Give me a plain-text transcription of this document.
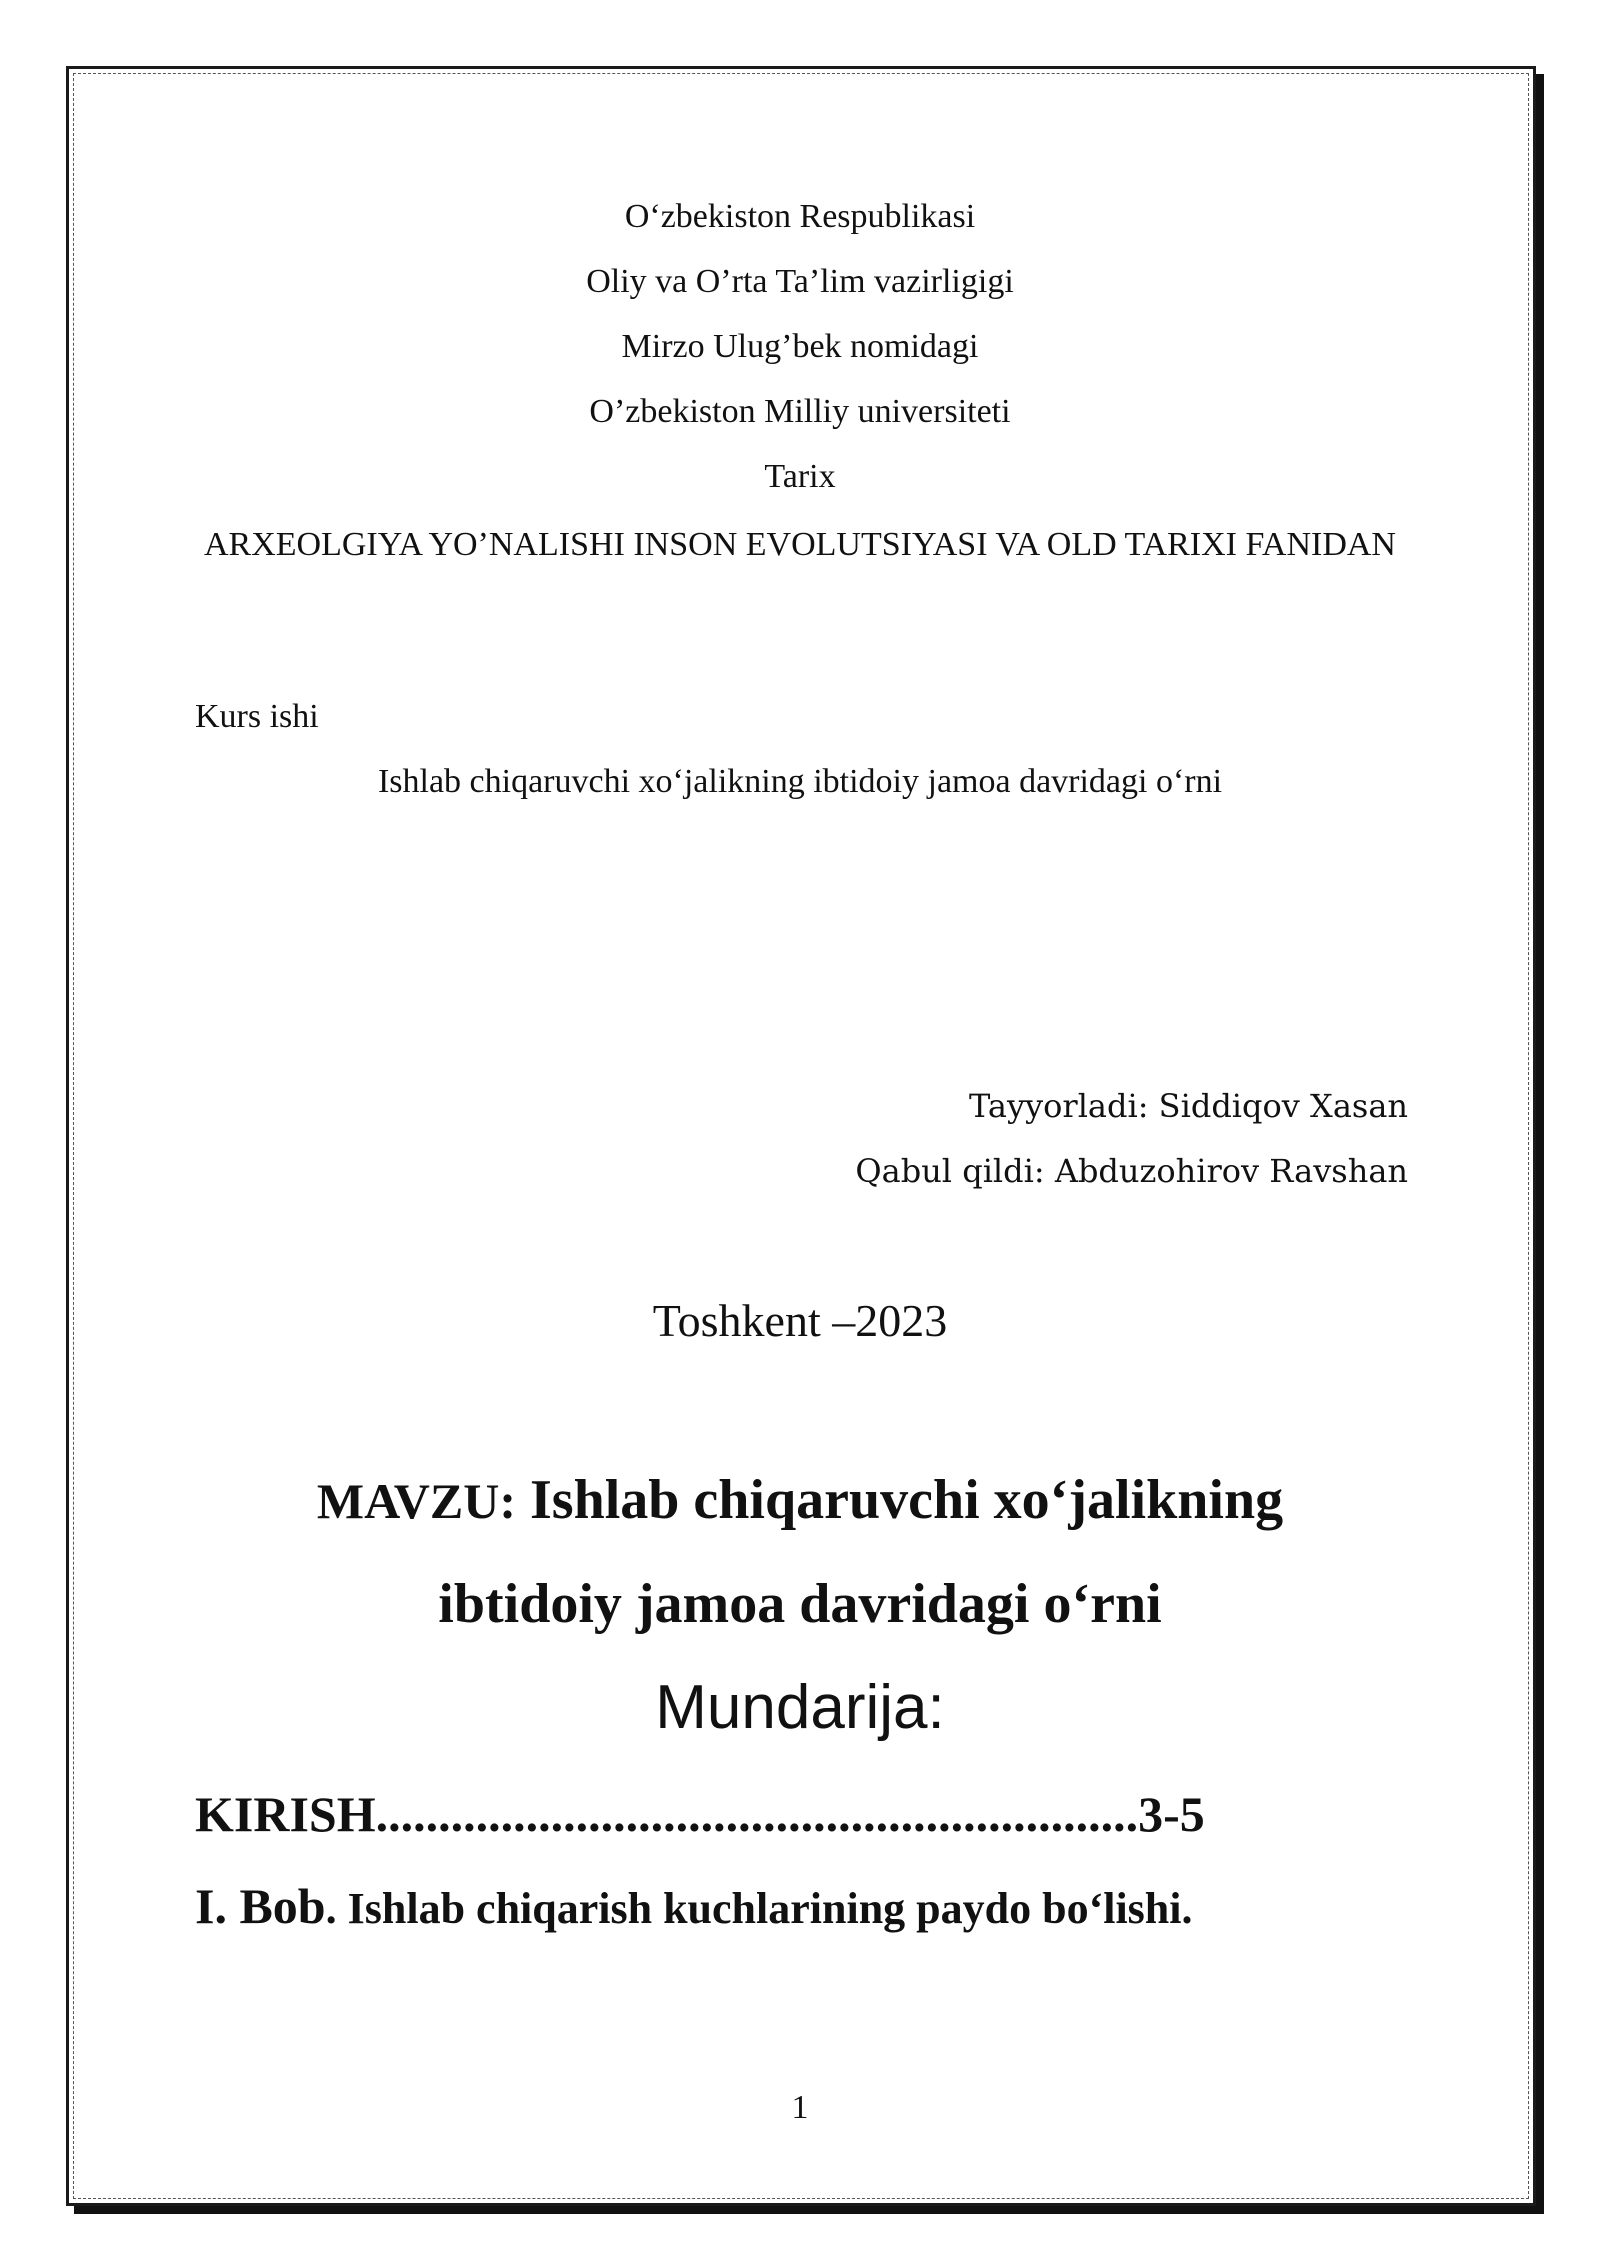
O‘zbekiston Respublikasi
Oliy va O’rta Ta’lim vazirligigi
Mirzo Ulug’bek nomidagi
O’zbekiston Milliy universiteti
Tarix
ARXEOLGIYA YO’NALISHI INSON EVOLUTSIYASI VA OLD TARIXI FANIDAN
Kurs ishi
Ishlab chiqaruvchi xo‘jalikning ibtidoiy jamoa davridagi o‘rni
Tayyorladi: Siddiqov Xasan
Qabul qildi: Abduzohirov Ravshan
Toshkent –2023
MAVZU: Ishlab chiqaruvchi xo‘jalikning
ibtidoiy jamoa davridagi o‘rni
Mundarija:
KIRISH.............................................................3-5
I. Bob. Ishlab chiqarish kuchlarining paydo bo‘lishi.
1
